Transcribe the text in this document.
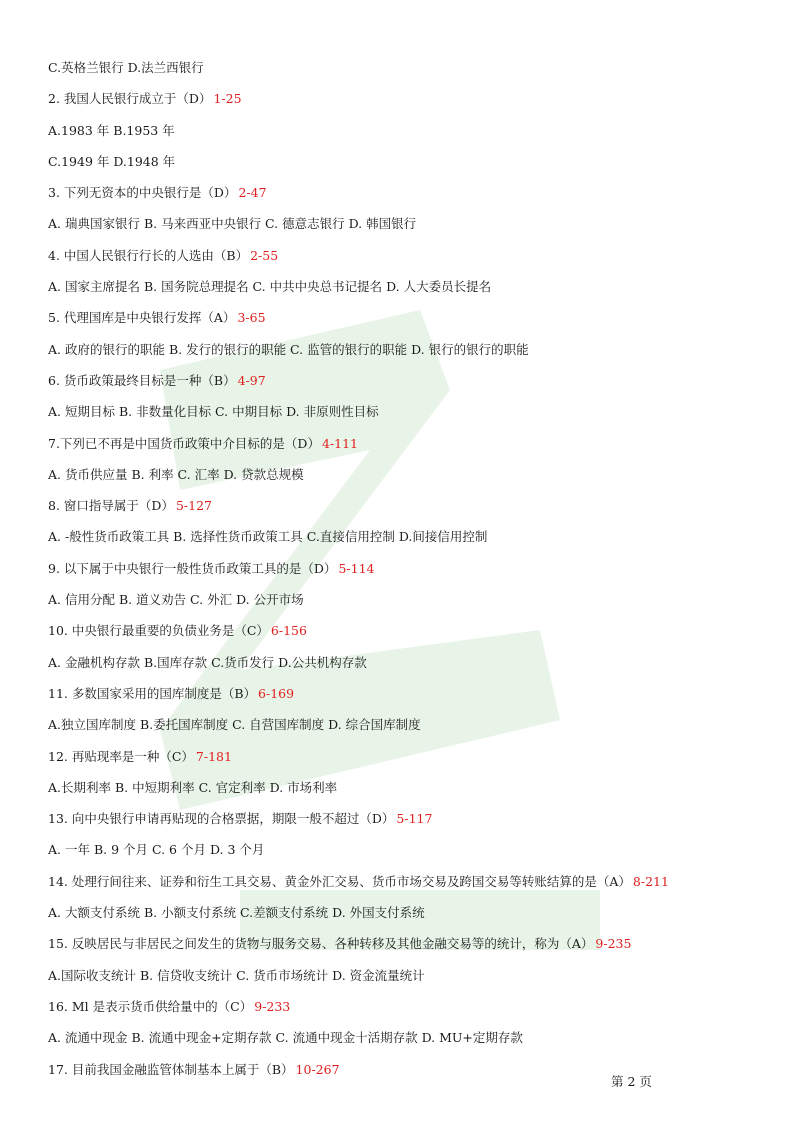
C.英格兰银行 D.法兰西银行
2. 我国人民银行成立于（D） 1-25
A.1983 年 B.1953 年
C.1949 年 D.1948 年
3. 下列无资本的中央银行是（D） 2-47
A. 瑞典国家银行 B. 马来西亚中央银行 C. 德意志银行 D. 韩国银行
4. 中国人民银行行长的人选由（B） 2-55
A. 国家主席提名 B. 国务院总理提名 C. 中共中央总书记提名 D. 人大委员长提名
5. 代理国库是中央银行发挥（A） 3-65
A. 政府的银行的职能 B. 发行的银行的职能 C. 监管的银行的职能 D. 银行的银行的职能
6. 货币政策最终目标是一种（B） 4-97
A. 短期目标 B. 非数量化目标 C. 中期目标 D. 非原则性目标
7.下列已不再是中国货币政策中介目标的是（D） 4-111
A. 货币供应量 B. 利率 C. 汇率 D. 贷款总规模
8. 窗口指导属于（D） 5-127
A. -般性货币政策工具 B. 选择性货币政策工具 C.直接信用控制 D.间接信用控制
9. 以下属于中央银行一般性货币政策工具的是（D） 5-114
A. 信用分配 B. 道义劝告 C. 外汇 D. 公开市场
10. 中央银行最重要的负债业务是（C） 6-156
A. 金融机构存款 B.国库存款 C.货币发行 D.公共机构存款
11. 多数国家采用的国库制度是（B） 6-169
A.独立国库制度 B.委托国库制度 C. 自营国库制度 D. 综合国库制度
12. 再贴现率是一种（C） 7-181
A.长期利率 B. 中短期利率 C. 官定利率 D. 市场利率
13. 向中央银行申请再贴现的合格票据，期限一般不超过（D） 5-117
A. 一年 B. 9 个月 C. 6 个月 D. 3 个月
14. 处理行间往来、证券和衍生工具交易、黄金外汇交易、货币市场交易及跨国交易等转账结算的是（A） 8-211
A. 大额支付系统 B. 小额支付系统 C.差额支付系统 D. 外国支付系统
15. 反映居民与非居民之间发生的货物与服务交易、各种转移及其他金融交易等的统计，称为（A） 9-235
A.国际收支统计 B. 信贷收支统计 C. 货币市场统计 D. 资金流量统计
16. Ml 是表示货币供给量中的（C） 9-233
A. 流通中现金 B. 流通中现金+定期存款 C. 流通中现金十活期存款 D. MU+定期存款
17. 目前我国金融监管体制基本上属于（B） 10-267
第 2 页
